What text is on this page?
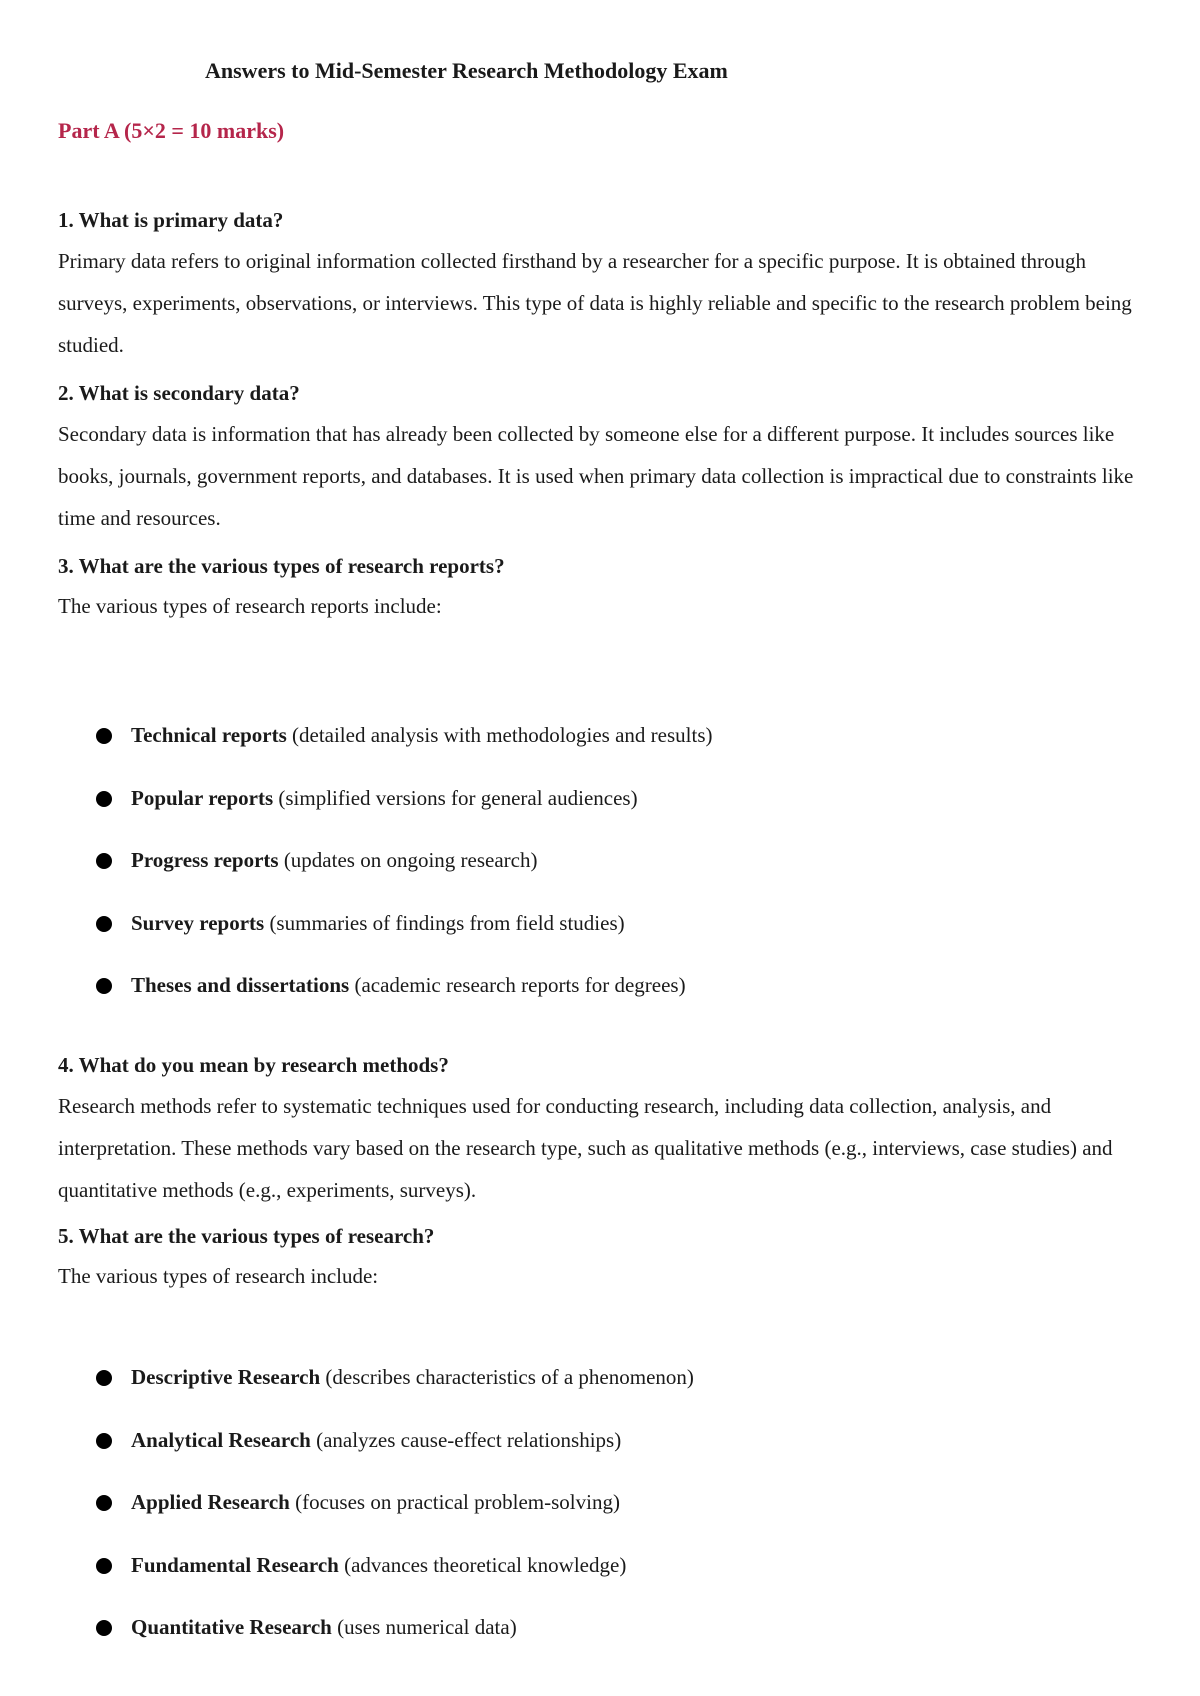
Answers to Mid-Semester Research Methodology Exam
Part A (5×2 = 10 marks)

1. What is primary data?

Primary data refers to original information collected firsthand by a researcher for a specific purpose. It is obtained through surveys, experiments, observations, or interviews. This type of data is highly reliable and specific to the research problem being studied.

2. What is secondary data?

Secondary data is information that has already been collected by someone else for a different purpose. It includes sources like books, journals, government reports, and databases. It is used when primary data collection is impractical due to constraints like time and resources.

3. What are the various types of research reports?

The various types of research reports include:

Technical reports (detailed analysis with methodologies and results)
Popular reports (simplified versions for general audiences)
Progress reports (updates on ongoing research)
Survey reports (summaries of findings from field studies)
Theses and dissertations (academic research reports for degrees)

4. What do you mean by research methods?

Research methods refer to systematic techniques used for conducting research, including data collection, analysis, and interpretation. These methods vary based on the research type, such as qualitative methods (e.g., interviews, case studies) and quantitative methods (e.g., experiments, surveys).

5. What are the various types of research?

The various types of research include:

Descriptive Research (describes characteristics of a phenomenon)
Analytical Research (analyzes cause-effect relationships)
Applied Research (focuses on practical problem-solving)
Fundamental Research (advances theoretical knowledge)
Quantitative Research (uses numerical data)
